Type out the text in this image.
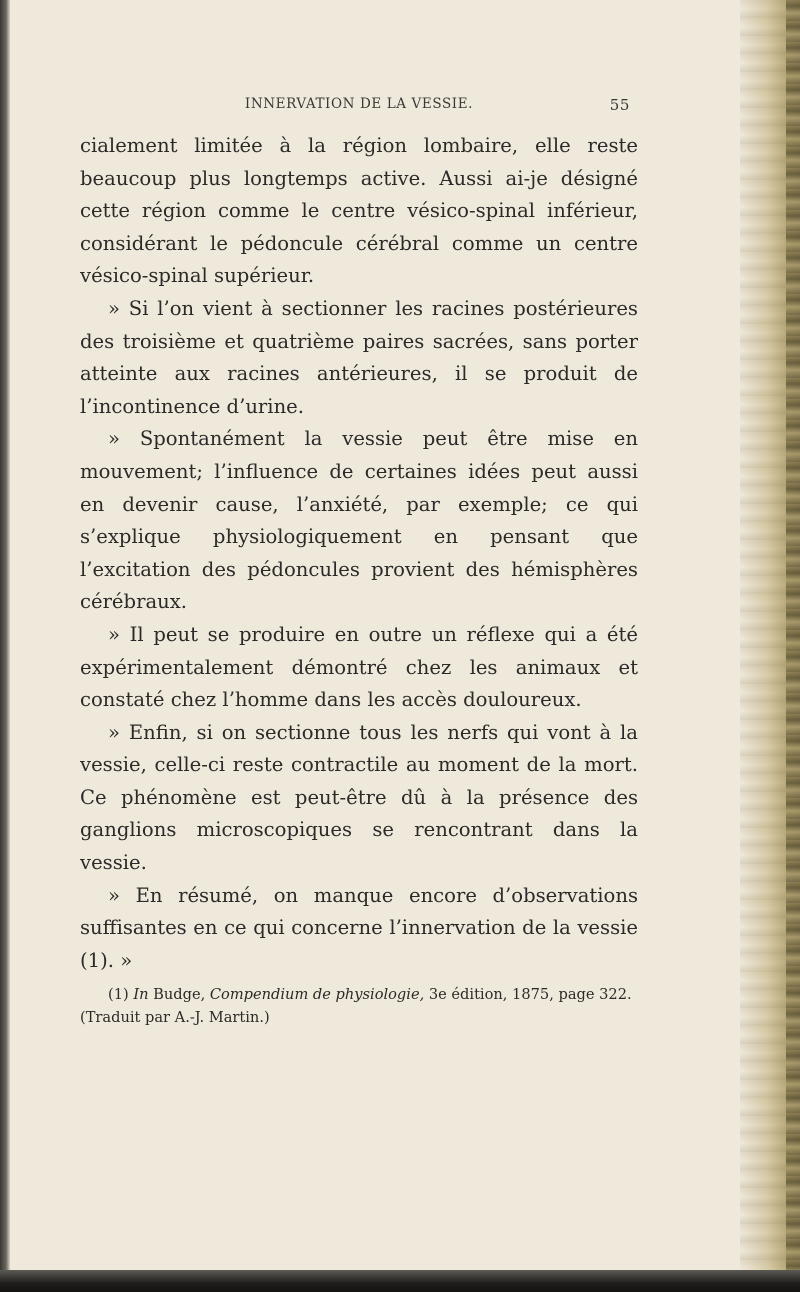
INNERVATION DE LA VESSIE.	55

cialement limitée à la région lombaire, elle reste beaucoup plus longtemps active. Aussi ai-je désigné cette région comme le centre vésico-spinal inférieur, considérant le pédoncule cérébral comme un centre vésico-spinal supérieur.

» Si l’on vient à sectionner les racines postérieures des troisième et quatrième paires sacrées, sans porter atteinte aux racines antérieures, il se produit de l’incontinence d’urine.

» Spontanément la vessie peut être mise en mouvement; l’influence de certaines idées peut aussi en devenir cause, l’anxiété, par exemple; ce qui s’explique physiologiquement en pensant que l’excitation des pédoncules provient des hémisphères cérébraux.

» Il peut se produire en outre un réflexe qui a été expérimentalement démontré chez les animaux et constaté chez l’homme dans les accès douloureux.

» Enfin, si on sectionne tous les nerfs qui vont à la vessie, celle-ci reste contractile au moment de la mort. Ce phénomène est peut-être dû à la présence des ganglions microscopiques se rencontrant dans la vessie.

» En résumé, on manque encore d’observations suffisantes en ce qui concerne l’innervation de la vessie (1). »

(1) In Budge, Compendium de physiologie, 3e édition, 1875, page 322. (Traduit par A.-J. Martin.)
